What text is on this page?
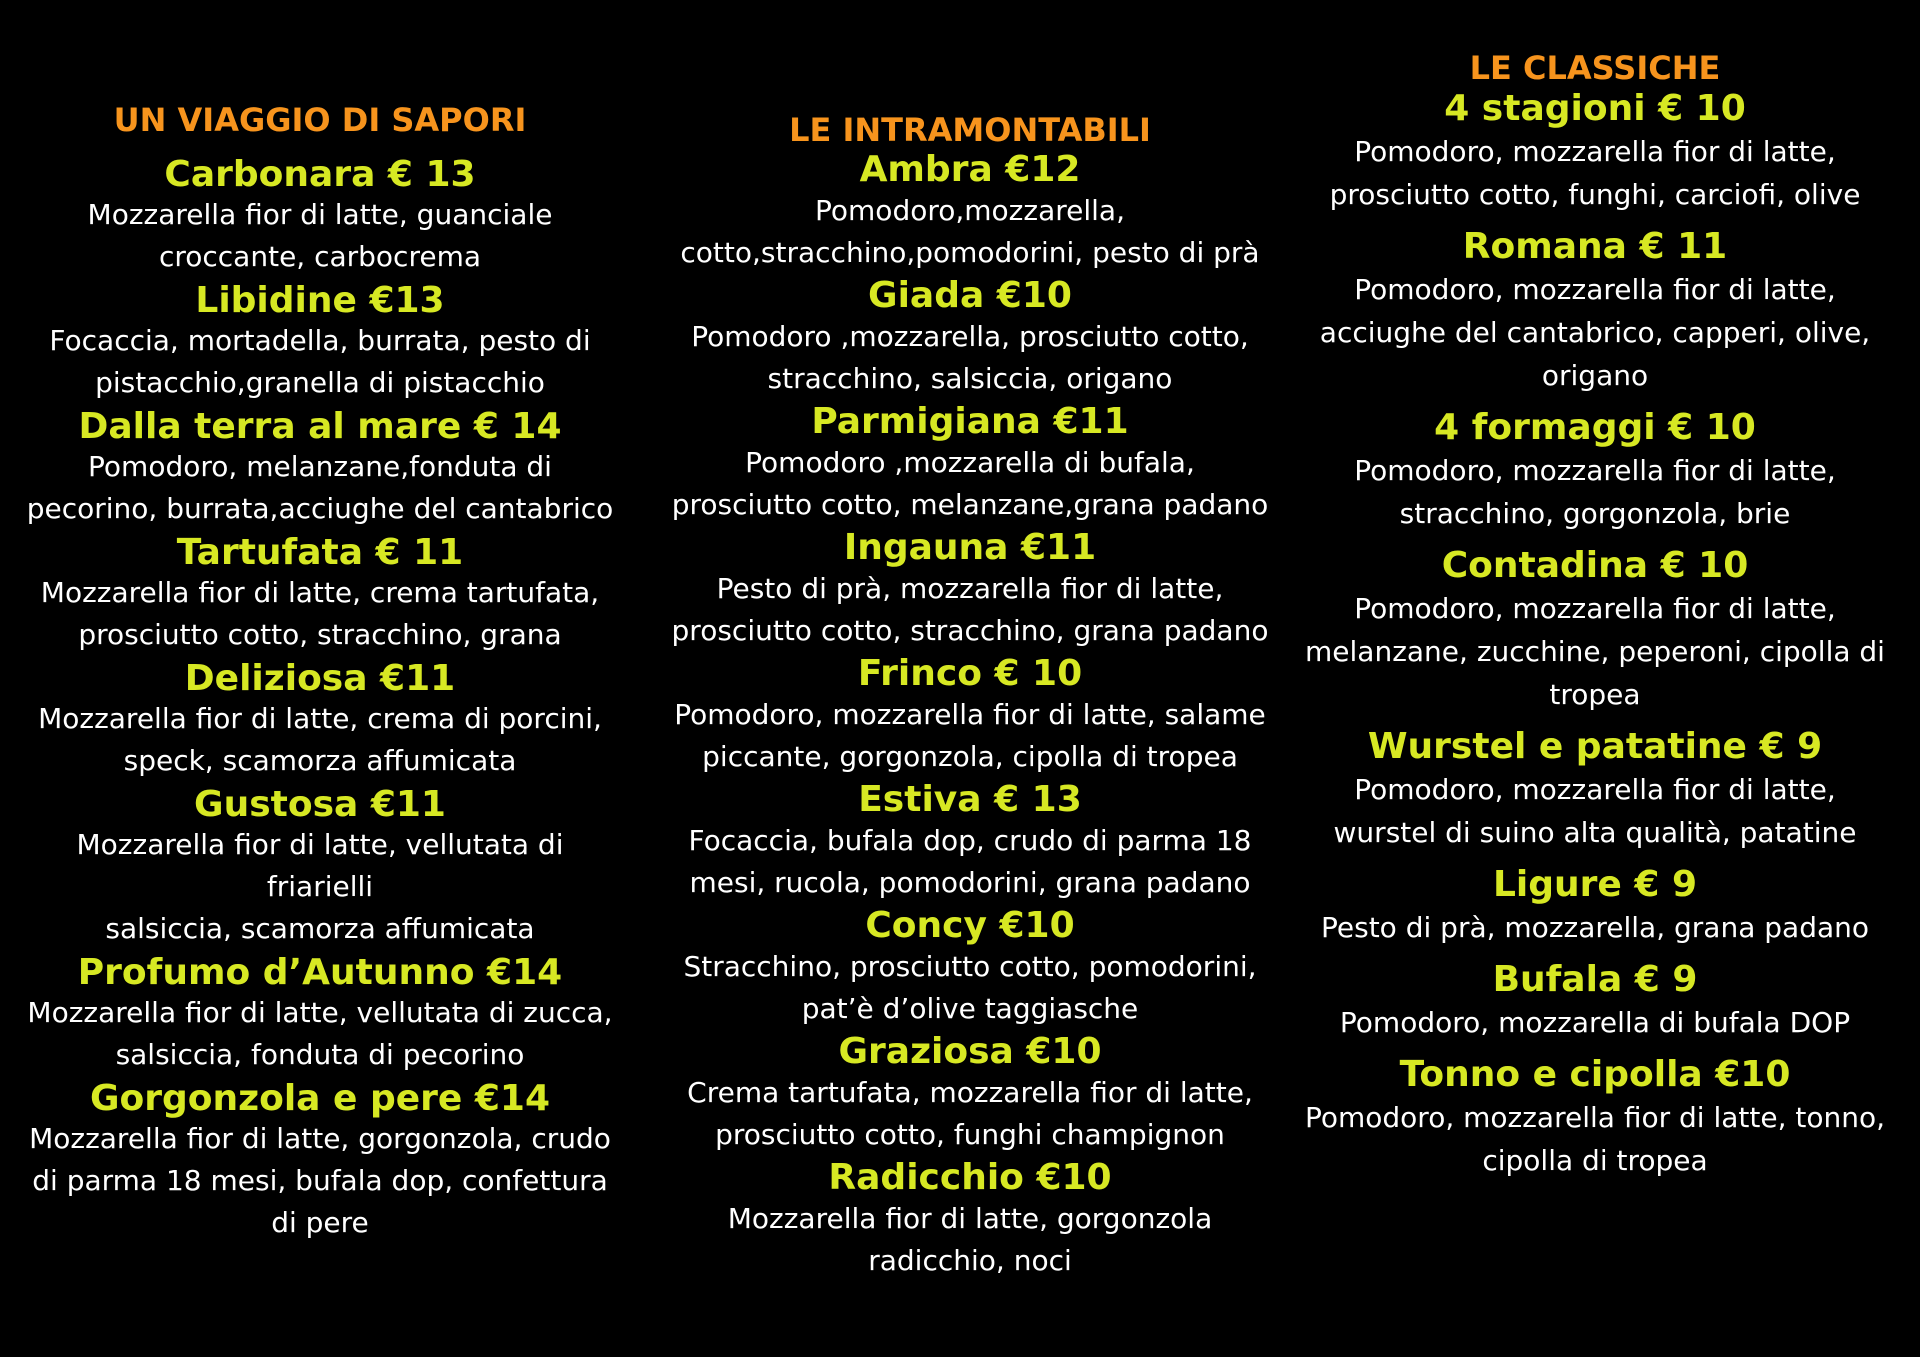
UN VIAGGIO DI SAPORI

Carbonara € 13

Mozzarella fior di latte, guanciale
croccante, carbocrema

Libidine €13

Focaccia, mortadella, burrata, pesto di
pistacchio,granella di pistacchio

Dalla terra al mare € 14

Pomodoro, melanzane,fonduta di
pecorino, burrata,acciughe del cantabrico

Tartufata € 11

Mozzarella fior di latte, crema tartufata,
prosciutto cotto, stracchino, grana

Deliziosa €11

Mozzarella fior di latte, crema di porcini,
speck, scamorza affumicata

Gustosa €11

Mozzarella fior di latte, vellutata di friarielli
salsiccia, scamorza affumicata

Profumo d’Autunno €14

Mozzarella fior di latte, vellutata di zucca,
salsiccia, fonduta di pecorino

Gorgonzola e pere €14

Mozzarella fior di latte, gorgonzola, crudo
di parma 18 mesi, bufala dop, confettura
di pere

LE INTRAMONTABILI

Ambra €12

Pomodoro,mozzarella,
cotto,stracchino,pomodorini, pesto di prà

Giada €10

Pomodoro ,mozzarella, prosciutto cotto,
stracchino, salsiccia, origano

Parmigiana €11

Pomodoro ,mozzarella di bufala,
prosciutto cotto, melanzane,grana padano

Ingauna €11

Pesto di prà, mozzarella fior di latte,
prosciutto cotto, stracchino, grana padano

Frinco € 10

Pomodoro, mozzarella fior di latte, salame
piccante, gorgonzola, cipolla di tropea

Estiva € 13

Focaccia, bufala dop, crudo di parma 18
mesi, rucola, pomodorini, grana padano

Concy €10

Stracchino, prosciutto cotto, pomodorini,
pat’è d’olive taggiasche

Graziosa €10

Crema tartufata, mozzarella fior di latte,
prosciutto cotto, funghi champignon

Radicchio €10

Mozzarella fior di latte, gorgonzola
radicchio, noci

LE CLASSICHE

4 stagioni € 10

Pomodoro, mozzarella fior di latte,
prosciutto cotto, funghi, carciofi, olive

Romana € 11

Pomodoro, mozzarella fior di latte,
acciughe del cantabrico, capperi, olive,
origano

4 formaggi € 10

Pomodoro, mozzarella fior di latte,
stracchino, gorgonzola, brie

Contadina € 10

Pomodoro, mozzarella fior di latte,
melanzane, zucchine, peperoni, cipolla di
tropea

Wurstel e patatine € 9

Pomodoro, mozzarella fior di latte,
wurstel di suino alta qualità, patatine

Ligure € 9

Pesto di prà, mozzarella, grana padano

Bufala € 9

Pomodoro, mozzarella di bufala DOP

Tonno e cipolla €10

Pomodoro, mozzarella fior di latte, tonno,
cipolla di tropea
